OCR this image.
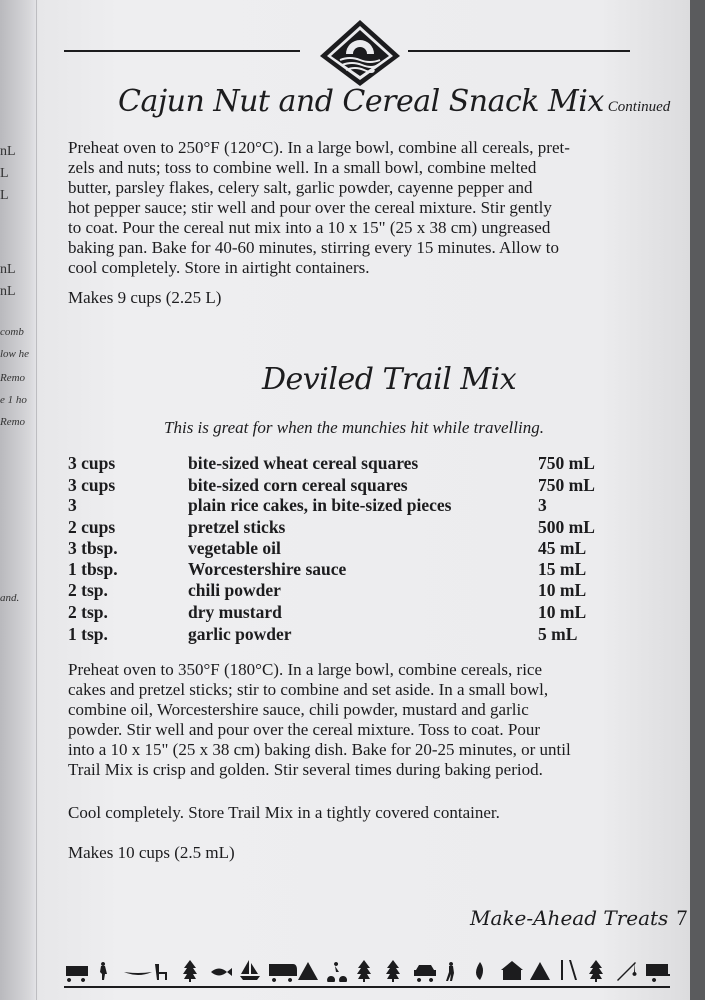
nL
L
L
nL
nL
comb
low he
Remo
e 1 ho
Remo
and.
Cajun Nut and Cereal Snack Mix Continued
Preheat oven to 250°F (120°C). In a large bowl, combine all cereals, pret-
zels and nuts; toss to combine well. In a small bowl, combine melted
butter, parsley flakes, celery salt, garlic powder, cayenne pepper and
hot pepper sauce; stir well and pour over the cereal mixture. Stir gently
to coat. Pour the cereal nut mix into a 10 x 15" (25 x 38 cm) ungreased
baking pan. Bake for 40-60 minutes, stirring every 15 minutes. Allow to
cool completely. Store in airtight containers.
Makes 9 cups (2.25 L)
Deviled Trail Mix
This is great for when the munchies hit while travelling.
3 cups	bite-sized wheat cereal squares	750 mL
3 cups	bite-sized corn cereal squares	750 mL
3	plain rice cakes, in bite-sized pieces	3
2 cups	pretzel sticks	500 mL
3 tbsp.	vegetable oil	45 mL
1 tbsp.	Worcestershire sauce	15 mL
2 tsp.	chili powder	10 mL
2 tsp.	dry mustard	10 mL
1 tsp.	garlic powder	5 mL
Preheat oven to 350°F (180°C). In a large bowl, combine cereals, rice
cakes and pretzel sticks; stir to combine and set aside. In a small bowl,
combine oil, Worcestershire sauce, chili powder, mustard and garlic
powder. Stir well and pour over the cereal mixture. Toss to coat. Pour
into a 10 x 15" (25 x 38 cm) baking dish. Bake for 20-25 minutes, or until
Trail Mix is crisp and golden. Stir several times during baking period.
Cool completely. Store Trail Mix in a tightly covered container.
Makes 10 cups (2.5 mL)
Make-Ahead Treats 7
